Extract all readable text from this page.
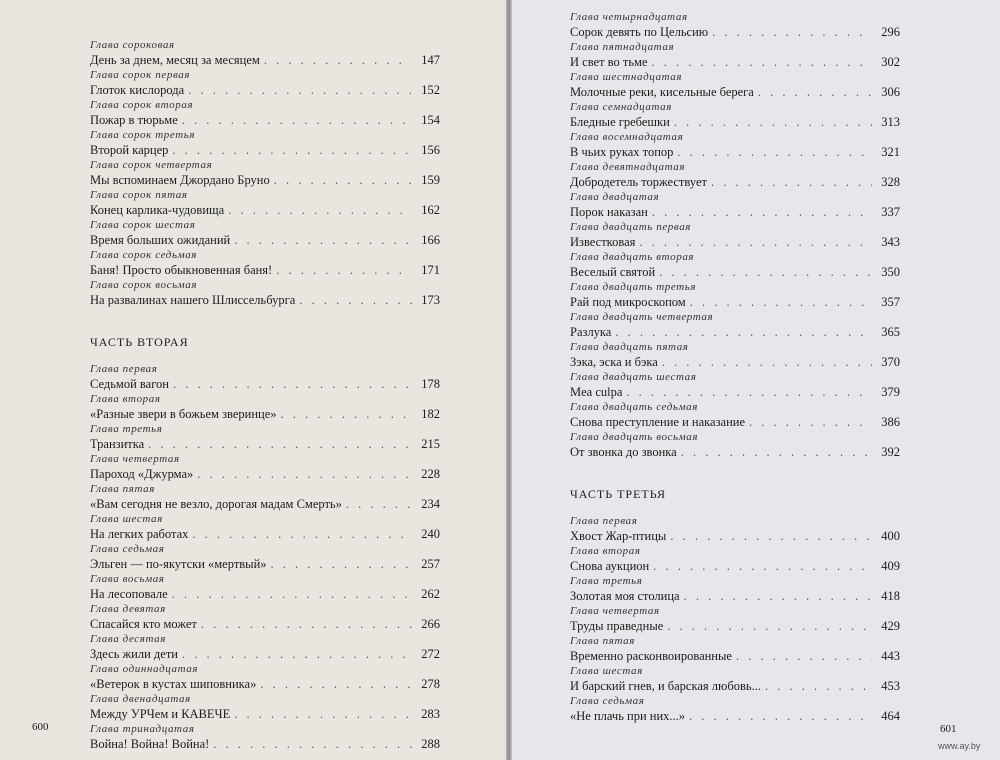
Глава сороковая
День за днем, месяц за месяцем . . .	147
Глава сорок первая
Глоток кислорода . . .	152
Глава сорок вторая
Пожар в тюрьме . . .	154
Глава сорок третья
Второй карцер . . .	156
Глава сорок четвертая
Мы вспоминаем Джордано Бруно . . .	159
Глава сорок пятая
Конец карлика-чудовища . . .	162
Глава сорок шестая
Время больших ожиданий . . .	166
Глава сорок седьмая
Баня! Просто обыкновенная баня! . . .	171
Глава сорок восьмая
На развалинах нашего Шлиссельбурга . . .	173
ЧАСТЬ ВТОРАЯ
Глава первая
Седьмой вагон . . .	178
Глава вторая
«Разные звери в божьем зверинце» . . .	182
Глава третья
Транзитка . . .	215
Глава четвертая
Пароход «Джурма» . . .	228
Глава пятая
«Вам сегодня не везло, дорогая мадам Смерть» . . .	234
Глава шестая
На легких работах . . .	240
Глава седьмая
Эльген — по-якутски «мертвый» . . .	257
Глава восьмая
На лесоповале . . .	262
Глава девятая
Спасайся кто может . . .	266
Глава десятая
Здесь жили дети . . .	272
Глава одиннадцатая
«Ветерок в кустах шиповника» . . .	278
Глава двенадцатая
Между УРЧем и КАВЕЧЕ . . .	283
Глава тринадцатая
Война! Война! Война! . . .	288
Глава четырнадцатая
Сорок девять по Цельсию . . .	296
Глава пятнадцатая
И свет во тьме . . .	302
Глава шестнадцатая
Молочные реки, кисельные берега . . .	306
Глава семнадцатая
Бледные гребешки . . .	313
Глава восемнадцатая
В чьих руках топор . . .	321
Глава девятнадцатая
Добродетель торжествует . . .	328
Глава двадцатая
Порок наказан . . .	337
Глава двадцать первая
Известковая . . .	343
Глава двадцать вторая
Веселый святой . . .	350
Глава двадцать третья
Рай под микроскопом . . .	357
Глава двадцать четвертая
Разлука . . .	365
Глава двадцать пятая
Зэка, эска и бэка . . .	370
Глава двадцать шестая
Mea culpa . . .	379
Глава двадцать седьмая
Снова преступление и наказание . . .	386
Глава двадцать восьмая
От звонка до звонка . . .	392
ЧАСТЬ ТРЕТЬЯ
Глава первая
Хвост Жар-птицы . . .	400
Глава вторая
Снова аукцион . . .	409
Глава третья
Золотая моя столица . . .	418
Глава четвертая
Труды праведные . . .	429
Глава пятая
Временно расконвоированные . . .	443
Глава шестая
И барский гнев, и барская любовь... . . .	453
Глава седьмая
«Не плачь при них...» . . .	464
600	601
www.ay.by
